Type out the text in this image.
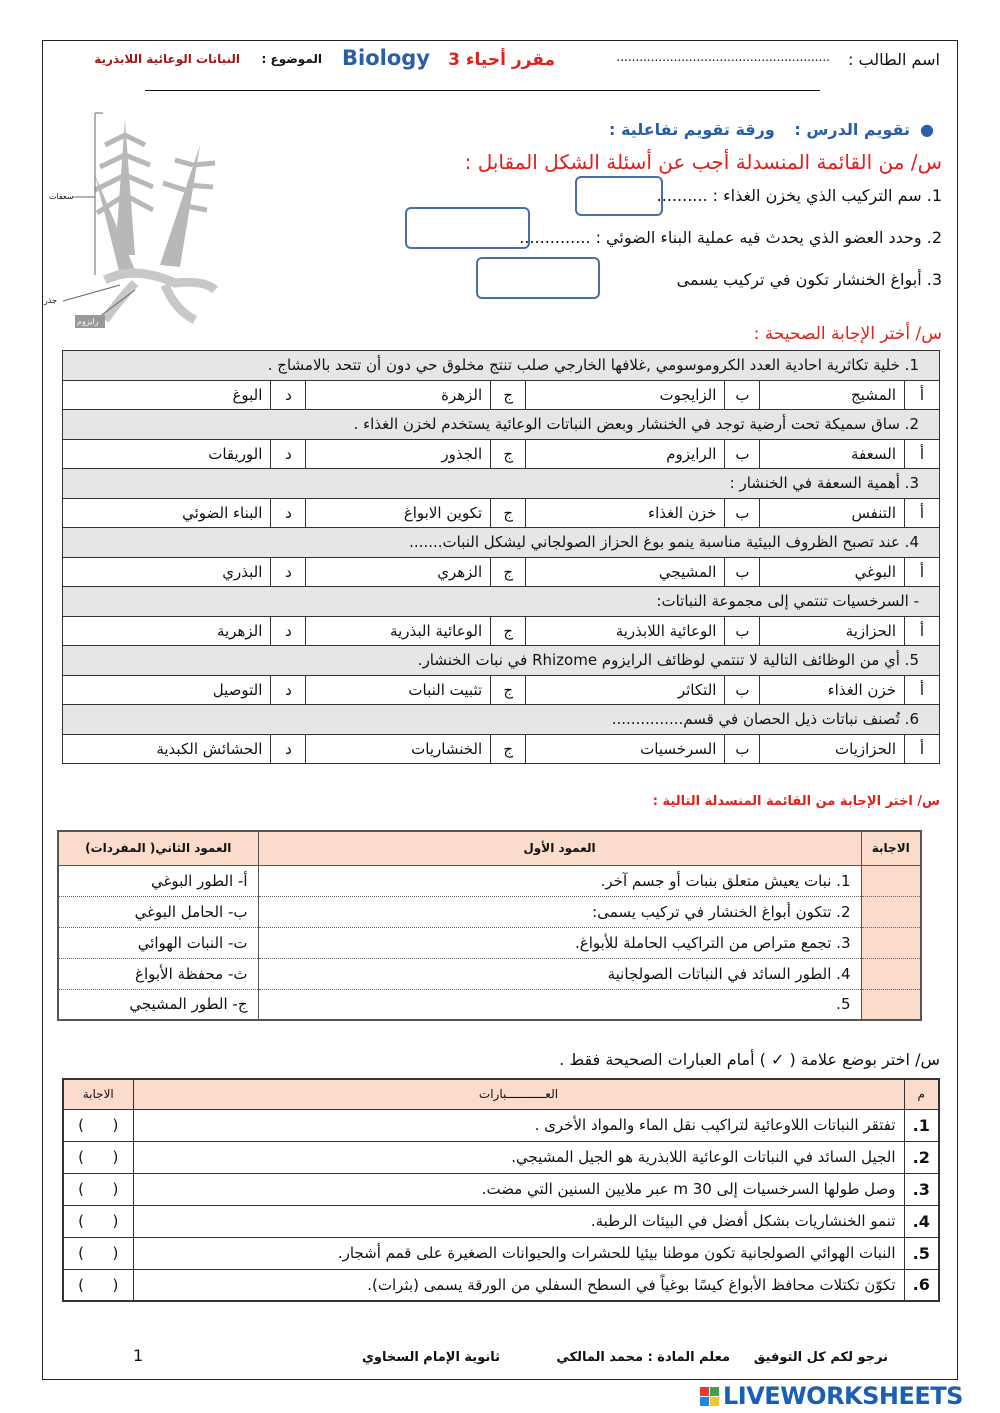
اسم الطالب :
........................................................
مقرر أحياء 3
Biology
الموضوع :
النباتات الوعائية اللابذرية
سعفات
جذر
رايزوم
●تقويم الدرس : ورقة تقويم تفاعلية :
س/ من القائمة المنسدلة أجب عن أسئلة الشكل المقابل :
1. سم التركيب الذي يخزن الغذاء : ..........
2. وحدد العضو الذي يحدث فيه عملية البناء الضوئي : ..............
3. أبواغ الخنشار تكون في تركيب يسمى
س/ أختر الإجابة الصحيحة :
1. خلية تكاثرية احادية العدد الكروموسومي ,غلافها الخارجي صلب تنتج مخلوق حي دون أن تتحد بالامشاج .							
أ	المشيج	ب	الزايجوت	ج	الزهرة	د	البوغ
2. ساق سميكة تحت أرضية توجد في الخنشار وبعض النباتات الوعائية يستخدم لخزن الغذاء .							
أ	السعفة	ب	الرايزوم	ج	الجذور	د	الوريقات
3. أهمية السعفة في الخنشار :							
أ	التنفس	ب	خزن الغذاء	ج	تكوين الابواغ	د	البناء الضوئي
4. عند تصبح الظروف البيئية مناسبة ينمو بوغ الحزاز الصولجاني ليشكل النبات.......							
أ	البوغي	ب	المشيجي	ج	الزهري	د	البذري
- السرخسيات تنتمي إلى مجموعة النباتات:							
أ	الحزازية	ب	الوعائية اللابذرية	ج	الوعائية البذرية	د	الزهرية
5. أي من الوظائف التالية لا تنتمي لوظائف الرايزوم Rhizome في نبات الخنشار.							
أ	خزن الغذاء	ب	التكاثر	ج	تثبيت النبات	د	التوصيل
6. تُصنف نباتات ذيل الحصان في قسم...............							
أ	الحزازيات	ب	السرخسيات	ج	الخنشاريات	د	الحشائش الكبدية
س/ اختر الإجابة من القائمة المنسدلة التالية :
الاجابة	العمود الأول	العمود الثاني( المفردات)
	1. نبات يعيش متعلق بنبات أو جسم آخر.	أ- الطور البوغي
	2. تتكون أبواغ الخنشار في تركيب يسمى:	ب- الحامل البوغي
	3. تجمع متراص من التراكيب الحاملة للأبواغ.	ت- النبات الهوائي
	4. الطور السائد في النباتات الصولجانية	ث- محفظة الأبواغ
	5.	ج- الطور المشيجي
س/ اختر بوضع علامة ( ✓ ) أمام العبارات الصحيحة فقط .
م	العـــــــــــبارات	الاجابة
1.	تفتقر النباتات اللاوعائية لتراكيب نقل الماء والمواد الأخرى .	(      )
2.	الجيل السائد في النباتات الوعائية اللابذرية هو الجيل المشيجي.	(      )
3.	وصل طولها السرخسيات إلى 30 m عبر ملايين السنين التي مضت.	(      )
4.	تنمو الخنشاريات بشكل أفضل في البيئات الرطبة.	(      )
5.	النبات الهوائي الصولجانية تكون موطنا بيئيا للحشرات والحيوانات الصغيرة على قمم أشجار.	(      )
6.	تكوّن تكتلات محافظ الأبواغ كيسًا بوغياً في السطح السفلي من الورقة يسمى (بثرات).	(      )
نرجو لكم كل التوفيق
معلم المادة : محمد المالكي
ثانوية الإمام السخاوي
1
LIVEWORKSHEETS
